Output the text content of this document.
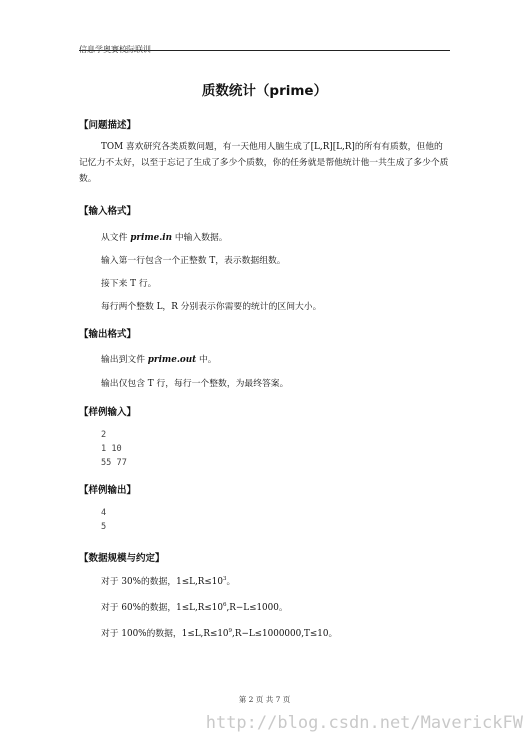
信息学奥赛校际联训
质数统计（prime）
【问题描述】
TOM 喜欢研究各类质数问题，有一天他用人脑生成了[L,R][L,R]的所有有质数，但他的记忆力不太好，以至于忘记了生成了多少个质数，你的任务就是帮他统计他一共生成了多少个质数。
【输入格式】
从文件 prime.in 中输入数据。
输入第一行包含一个正整数 T，表示数据组数。
接下来 T 行。
每行两个整数 L，R 分别表示你需要的统计的区间大小。
【输出格式】
输出到文件 prime.out 中。
输出仅包含 T 行，每行一个整数，为最终答案。
【样例输入】
2
1 10
55 77
【样例输出】
4
5
【数据规模与约定】
对于 30%的数据，$1\le L,R\le 10^3$。
对于 60%的数据，$1\le L,R\le 10^6,R-L\le 1000$。
对于 100%的数据，$1\le L,R\le 10^9,R-L\le 1000000,T\le 10$。
第 2 页 共 7 页
http://blog.csdn.net/MaverickFW
